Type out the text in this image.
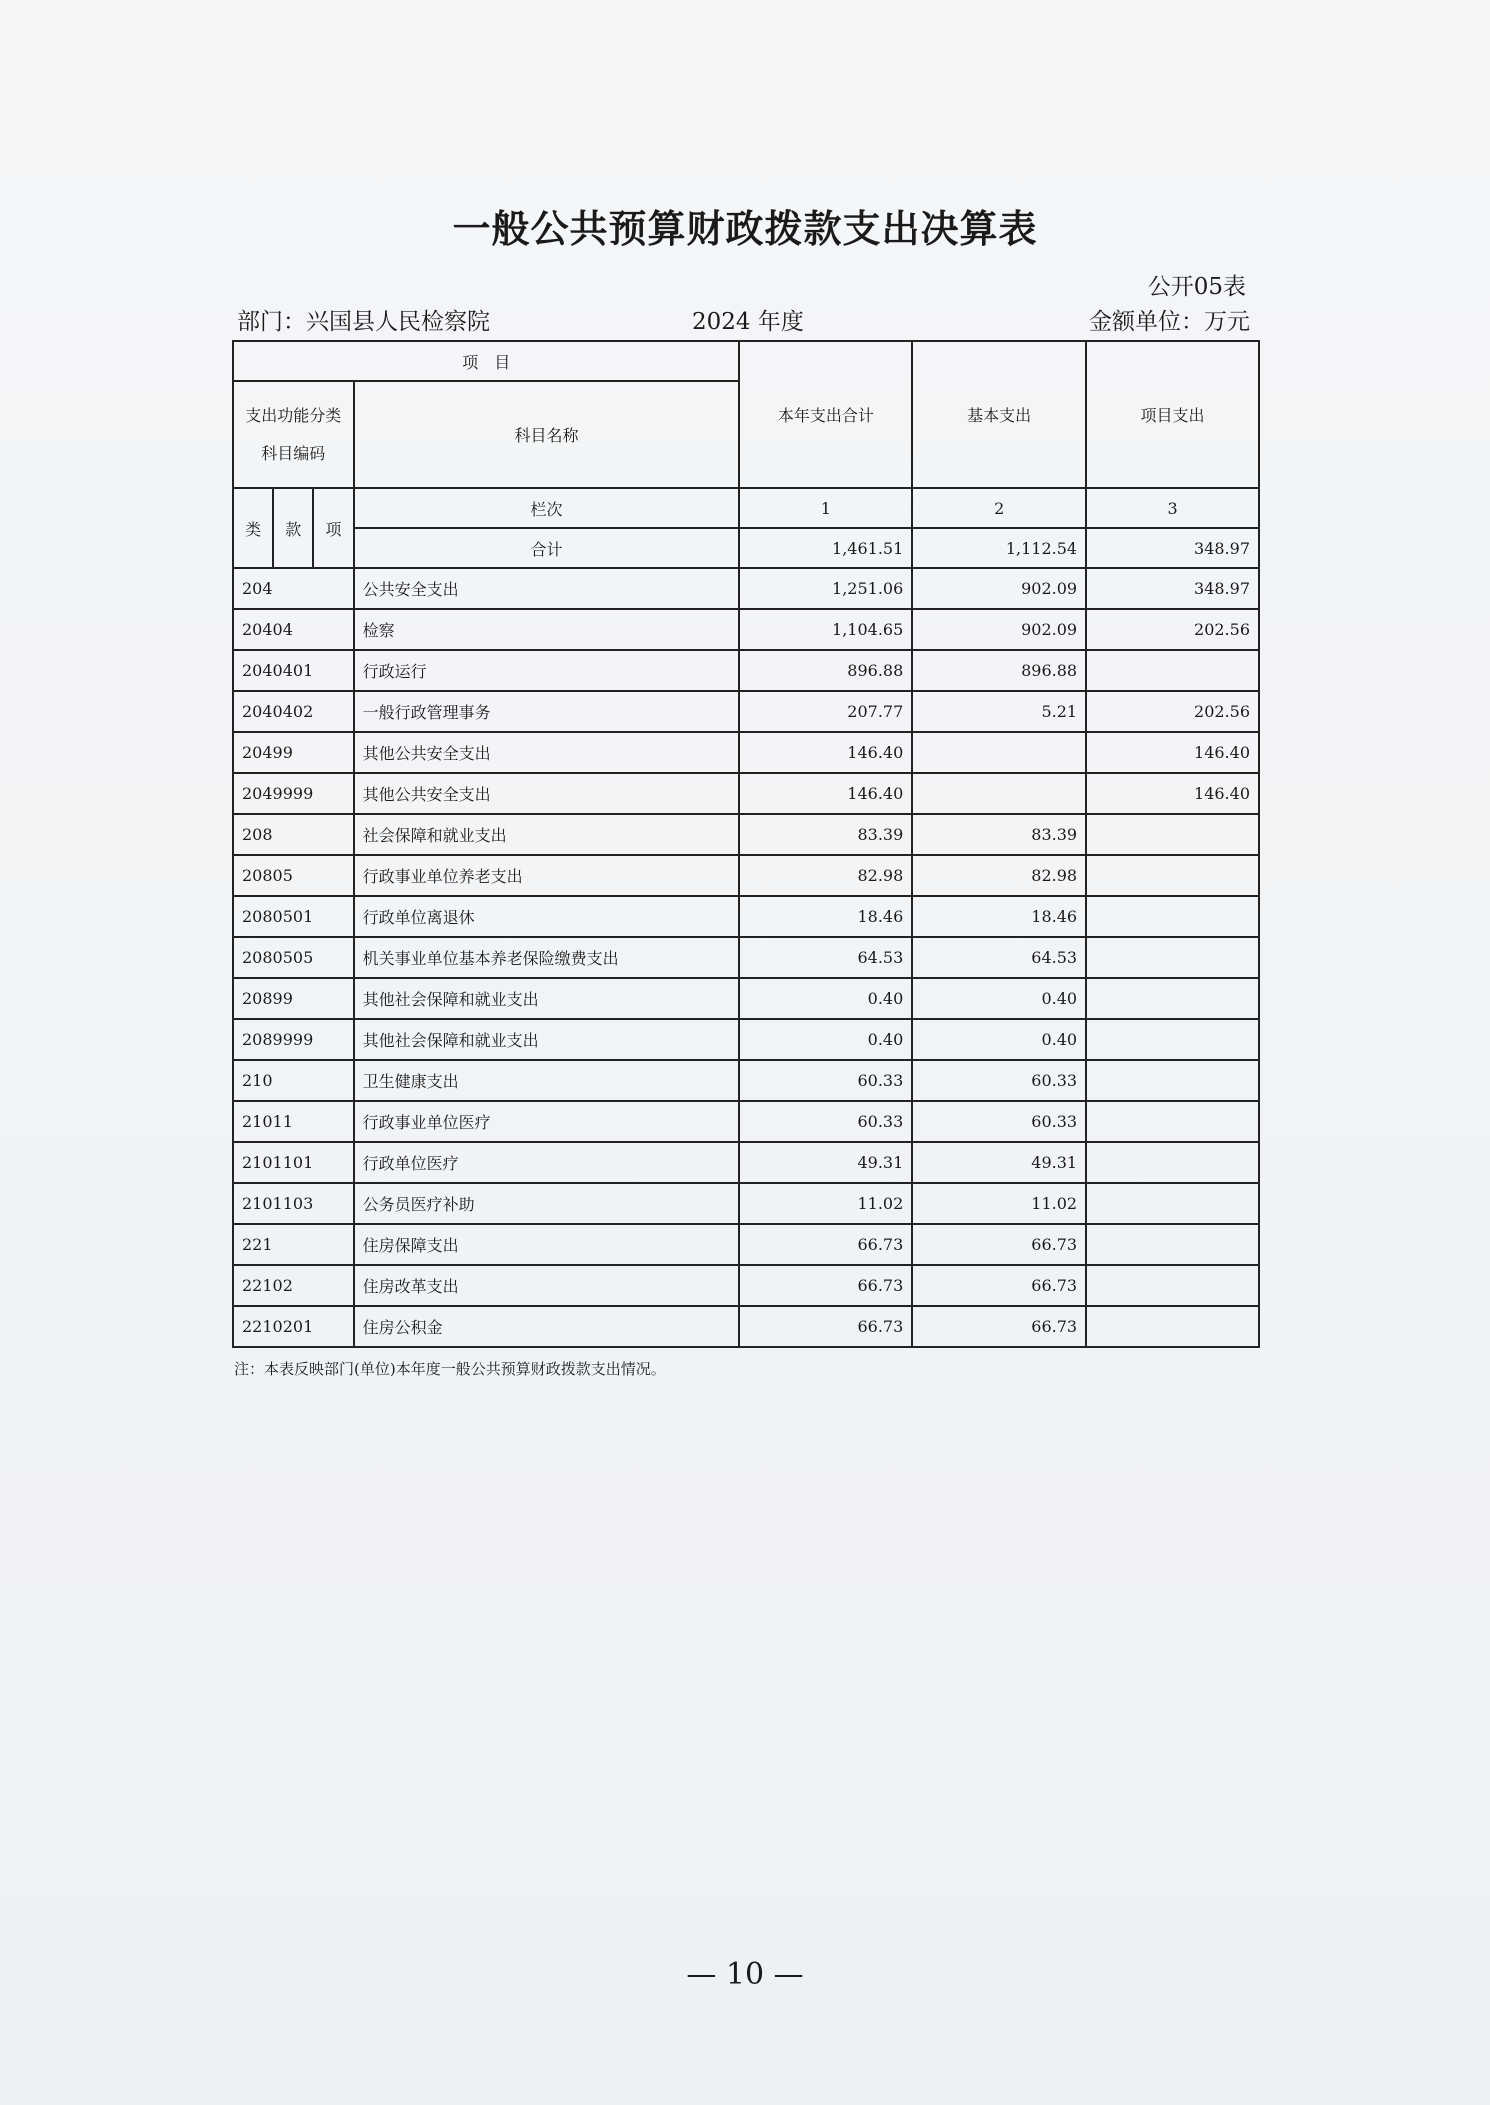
一般公共预算财政拨款支出决算表
公开05表
部门：兴国县人民检察院	2024 年度	金额单位：万元
项　目				本年支出合计	基本支出	项目支出

支出功能分类
科目编码			科目名称			
类	款	项	栏次	1	2	3
			合计	1,461.51	1,112.54	348.97
204			公共安全支出	1,251.06	902.09	348.97
20404			检察	1,104.65	902.09	202.56
2040401			行政运行	896.88	896.88	
2040402			一般行政管理事务	207.77	5.21	202.56
20499			其他公共安全支出	146.40		146.40
2049999			其他公共安全支出	146.40		146.40
208			社会保障和就业支出	83.39	83.39	
20805			行政事业单位养老支出	82.98	82.98	
2080501			行政单位离退休	18.46	18.46	
2080505			机关事业单位基本养老保险缴费支出	64.53	64.53	
20899			其他社会保障和就业支出	0.40	0.40	
2089999			其他社会保障和就业支出	0.40	0.40	
210			卫生健康支出	60.33	60.33	
21011			行政事业单位医疗	60.33	60.33	
2101101			行政单位医疗	49.31	49.31	
2101103			公务员医疗补助	11.02	11.02	
221			住房保障支出	66.73	66.73	
22102			住房改革支出	66.73	66.73	
2210201			住房公积金	66.73	66.73	
注：本表反映部门(单位)本年度一般公共预算财政拨款支出情况。
— 10 —
